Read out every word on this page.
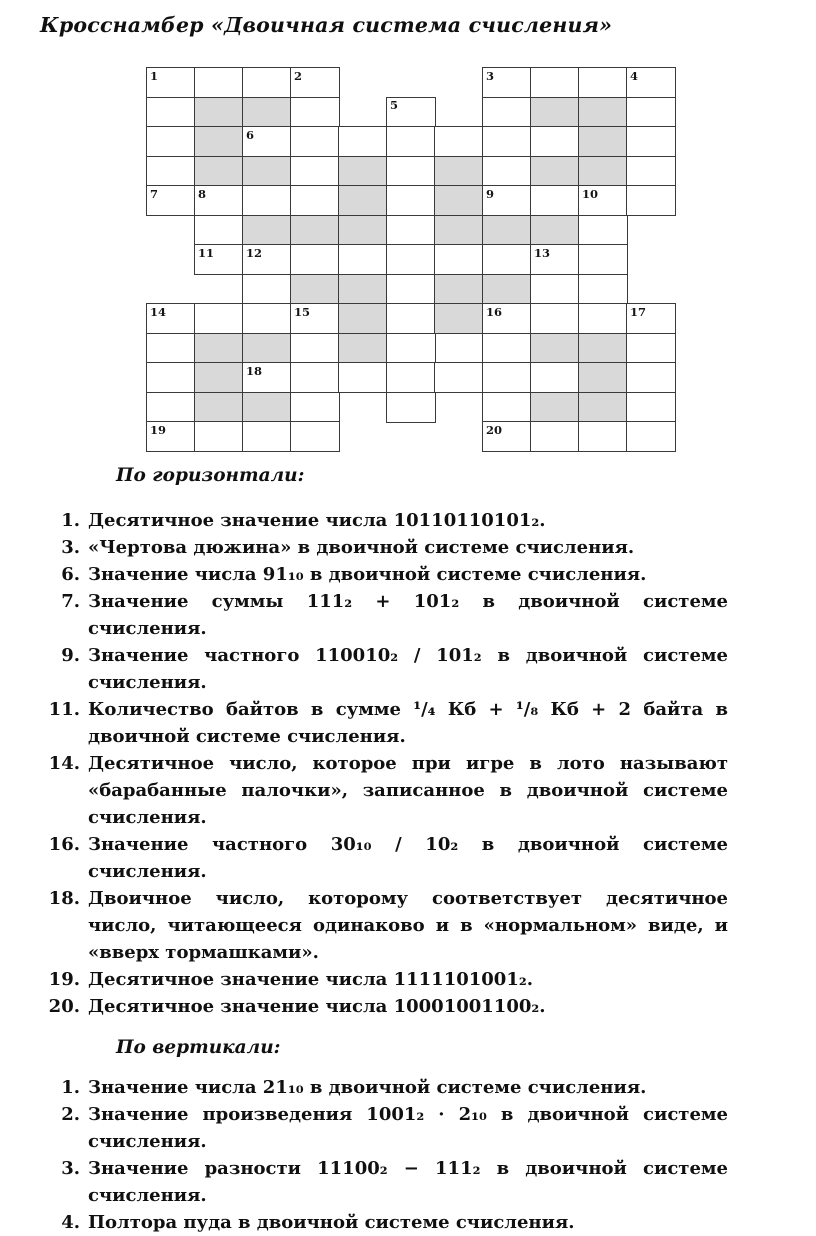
Кросснамбер «Двоичная система счисления»
1	2	3	4
5
6
7	8	9	10
11	12	13
14	15	16	17
18
19	20
По горизонтали:
1. Десятичное значение числа 10110110101₂.
3. «Чертова дюжина» в двоичной системе счисления.
6. Значение числа 91₁₀ в двоичной системе счисления.
7. Значение суммы 111₂ + 101₂ в двоичной системе счисления.
9. Значение частного 110010₂ / 101₂ в двоичной системе счисления.
11. Количество байтов в сумме ¹/₄ Кб + ¹/₈ Кб + 2 байта в двоичной системе счисления.
14. Десятичное число, которое при игре в лото называют «барабанные палочки», записанное в двоичной системе счисления.
16. Значение частного 30₁₀ / 10₂ в двоичной системе счисления.
18. Двоичное число, которому соответствует десятичное число, читающееся одинаково и в «нормальном» виде, и «вверх тормашками».
19. Десятичное значение числа 1111101001₂.
20. Десятичное значение числа 10001001100₂.
По вертикали:
1. Значение числа 21₁₀ в двоичной системе счисления.
2. Значение произведения 1001₂ · 2₁₀ в двоичной системе счисления.
3. Значение разности 11100₂ − 111₂ в двоичной системе счисления.
4. Полтора пуда в двоичной системе счисления.
